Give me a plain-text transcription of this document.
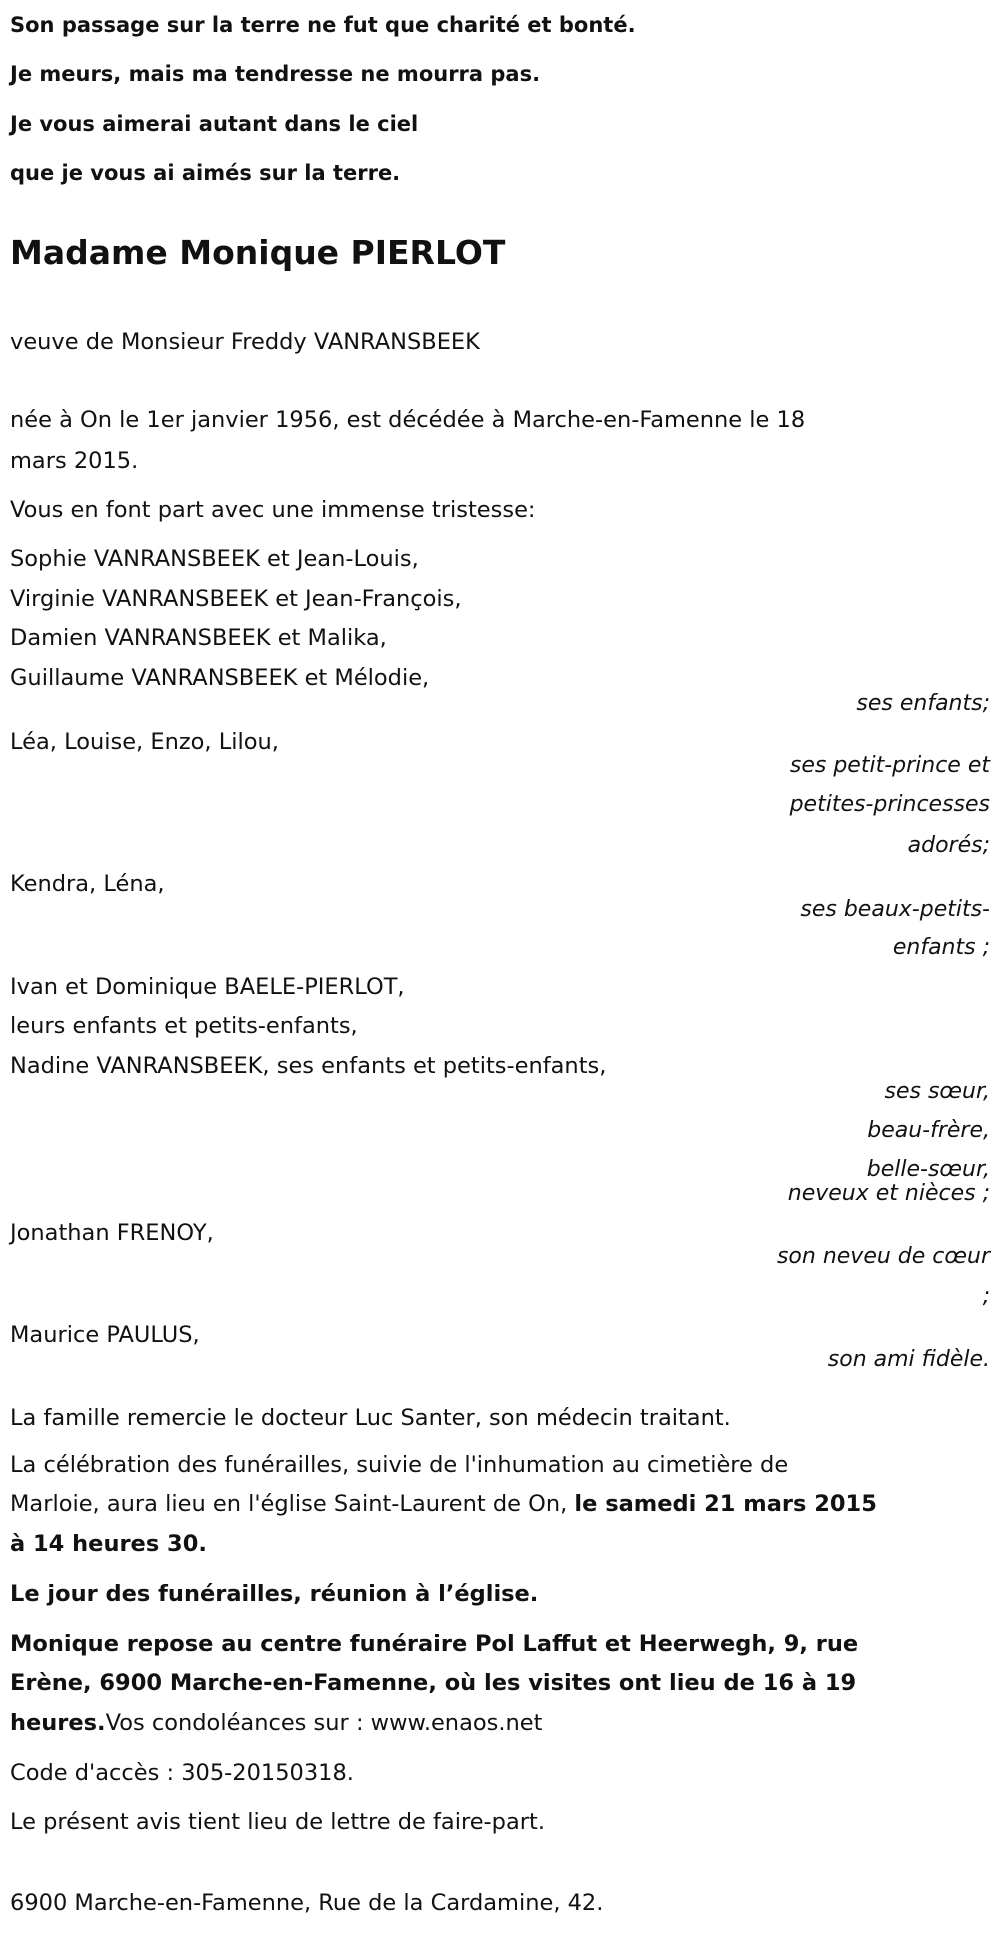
Son passage sur la terre ne fut que charité et bonté.
Je meurs, mais ma tendresse ne mourra pas.
Je vous aimerai autant dans le ciel
que je vous ai aimés sur la terre.
Madame Monique PIERLOT
veuve de Monsieur Freddy VANRANSBEEK
née à On le 1er janvier 1956, est décédée à Marche-en-Famenne le 18
mars 2015.
Vous en font part avec une immense tristesse:
Sophie VANRANSBEEK et Jean-Louis,
Virginie VANRANSBEEK et Jean-François,
Damien VANRANSBEEK et Malika,
Guillaume VANRANSBEEK et Mélodie,
ses enfants;
Léa, Louise, Enzo, Lilou,
ses petit-prince et
petites-princesses
adorés;
Kendra, Léna,
ses beaux-petits-
enfants ;
Ivan et Dominique BAELE-PIERLOT,
leurs enfants et petits-enfants,
Nadine VANRANSBEEK, ses enfants et petits-enfants,
ses sœur,
beau-frère,
belle-sœur,
neveux et nièces ;
Jonathan FRENOY,
son neveu de cœur
;
Maurice PAULUS,
son ami fidèle.
La famille remercie le docteur Luc Santer, son médecin traitant.
La célébration des funérailles, suivie de l'inhumation au cimetière de
Marloie, aura lieu en l'église Saint-Laurent de On, le samedi 21 mars 2015
à 14 heures 30.
Le jour des funérailles, réunion à l’église.
Monique repose au centre funéraire Pol Laffut et Heerwegh, 9, rue
Erène, 6900 Marche-en-Famenne, où les visites ont lieu de 16 à 19
heures.Vos condoléances sur : www.enaos.net
Code d'accès : 305-20150318.
Le présent avis tient lieu de lettre de faire-part.
6900 Marche-en-Famenne, Rue de la Cardamine, 42.
